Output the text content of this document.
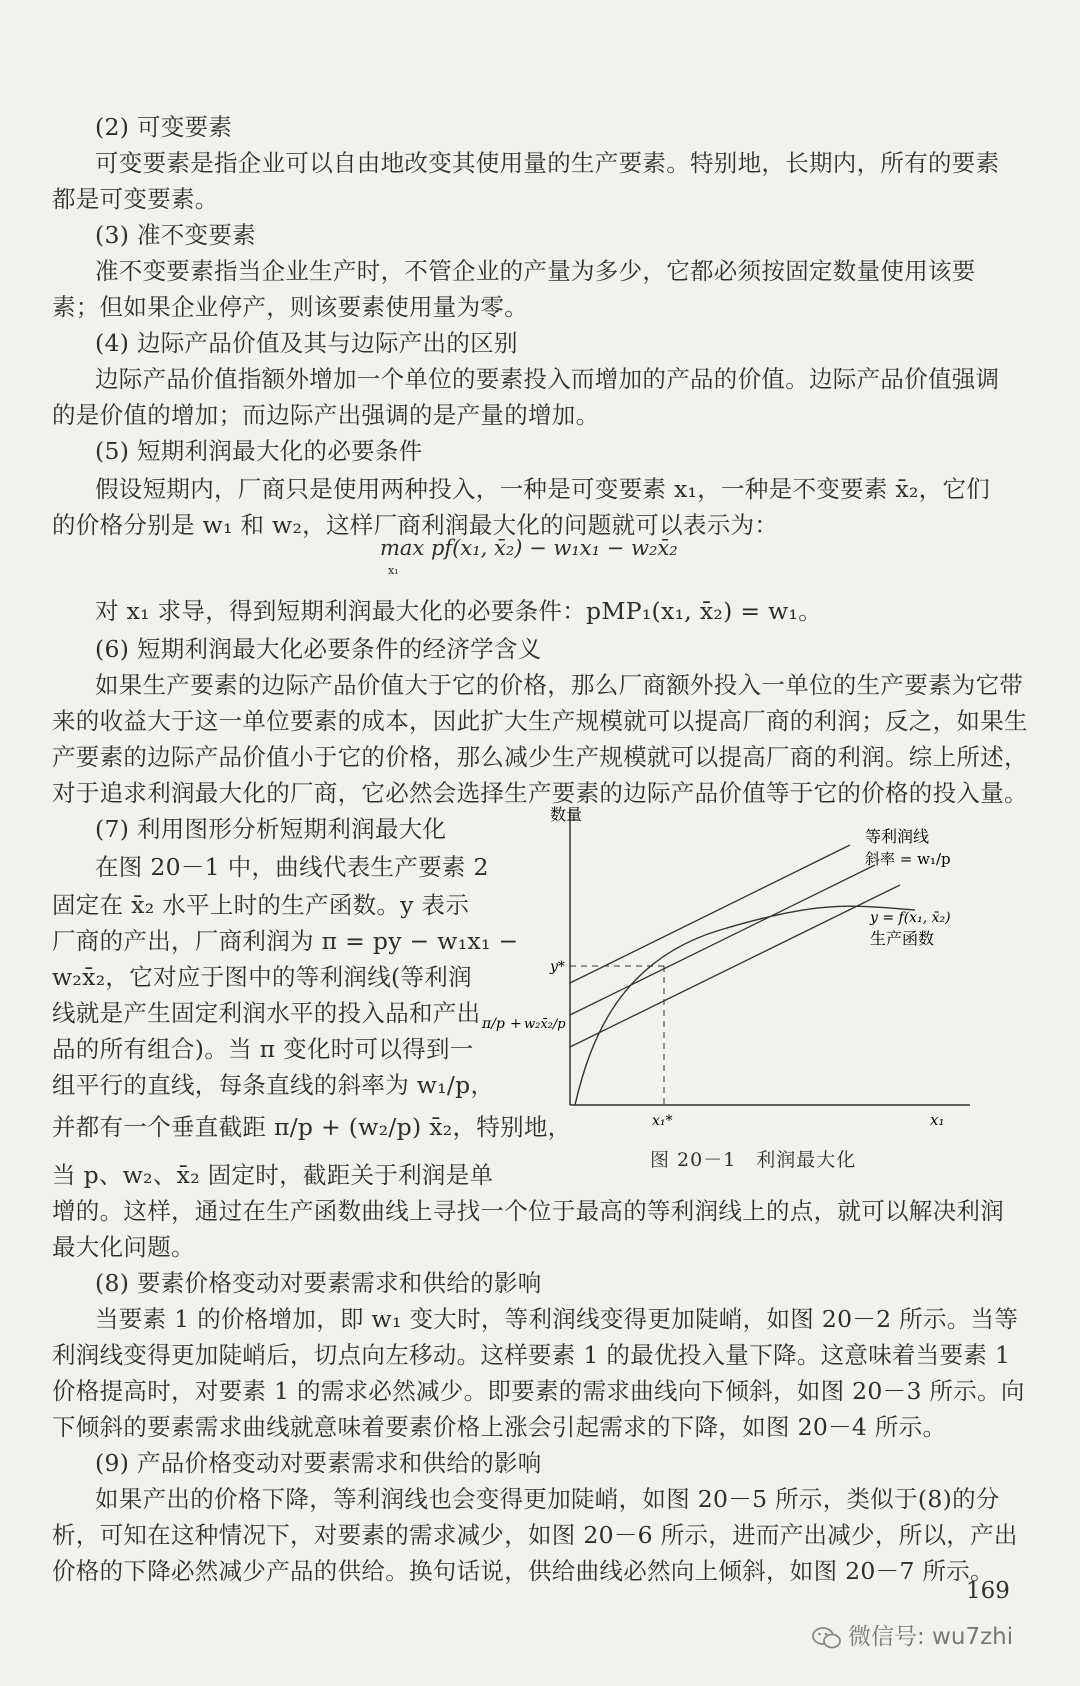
(2) 可变要素
可变要素是指企业可以自由地改变其使用量的生产要素。特别地，长期内，所有的要素
都是可变要素。
(3) 准不变要素
准不变要素指当企业生产时，不管企业的产量为多少，它都必须按固定数量使用该要
素；但如果企业停产，则该要素使用量为零。
(4) 边际产品价值及其与边际产出的区别
边际产品价值指额外增加一个单位的要素投入而增加的产品的价值。边际产品价值强调
的是价值的增加；而边际产出强调的是产量的增加。
(5) 短期利润最大化的必要条件
假设短期内，厂商只是使用两种投入，一种是可变要素 x₁，一种是不变要素 x̄₂，它们
的价格分别是 w₁ 和 w₂，这样厂商利润最大化的问题就可以表示为：
对 x₁ 求导，得到短期利润最大化的必要条件：pMP₁(x₁, x̄₂) = w₁。
(6) 短期利润最大化必要条件的经济学含义
如果生产要素的边际产品价值大于它的价格，那么厂商额外投入一单位的生产要素为它带
来的收益大于这一单位要素的成本，因此扩大生产规模就可以提高厂商的利润；反之，如果生
产要素的边际产品价值小于它的价格，那么减少生产规模就可以提高厂商的利润。综上所述，
对于追求利润最大化的厂商，它必然会选择生产要素的边际产品价值等于它的价格的投入量。
(7) 利用图形分析短期利润最大化
在图 20－1 中，曲线代表生产要素 2
固定在 x̄₂ 水平上时的生产函数。y 表示
厂商的产出，厂商利润为 π = py − w₁x₁ −
w₂x̄₂，它对应于图中的等利润线(等利润
线就是产生固定利润水平的投入品和产出
品的所有组合)。当 π 变化时可以得到一
组平行的直线，每条直线的斜率为 w₁/p，
并都有一个垂直截距 π/p + (w₂/p) x̄₂，特别地，
当 p、w₂、x̄₂ 固定时，截距关于利润是单
增的。这样，通过在生产函数曲线上寻找一个位于最高的等利润线上的点，就可以解决利润
最大化问题。
(8) 要素价格变动对要素需求和供给的影响
当要素 1 的价格增加，即 w₁ 变大时，等利润线变得更加陡峭，如图 20－2 所示。当等
利润线变得更加陡峭后，切点向左移动。这样要素 1 的最优投入量下降。这意味着当要素 1
价格提高时，对要素 1 的需求必然减少。即要素的需求曲线向下倾斜，如图 20－3 所示。向
下倾斜的要素需求曲线就意味着要素价格上涨会引起需求的下降，如图 20－4 所示。
(9) 产品价格变动对要素需求和供给的影响
如果产出的价格下降，等利润线也会变得更加陡峭，如图 20－5 所示，类似于(8)的分
析，可知在这种情况下，对要素的需求减少，如图 20－6 所示，进而产出减少，所以，产出
价格的下降必然减少产品的供给。换句话说，供给曲线必然向上倾斜，如图 20－7 所示。
max pf(x₁, x̄₂) − w₁x₁ − w₂x̄₂
x₁
数量
x₁
等利润线
斜率 = w₁/p
y = f(x₁, x̄₂)
生产函数
y*
x₁*
π/p + w₂x̄₂/p
图 20－1　利润最大化
169
微信号: wu7zhi
